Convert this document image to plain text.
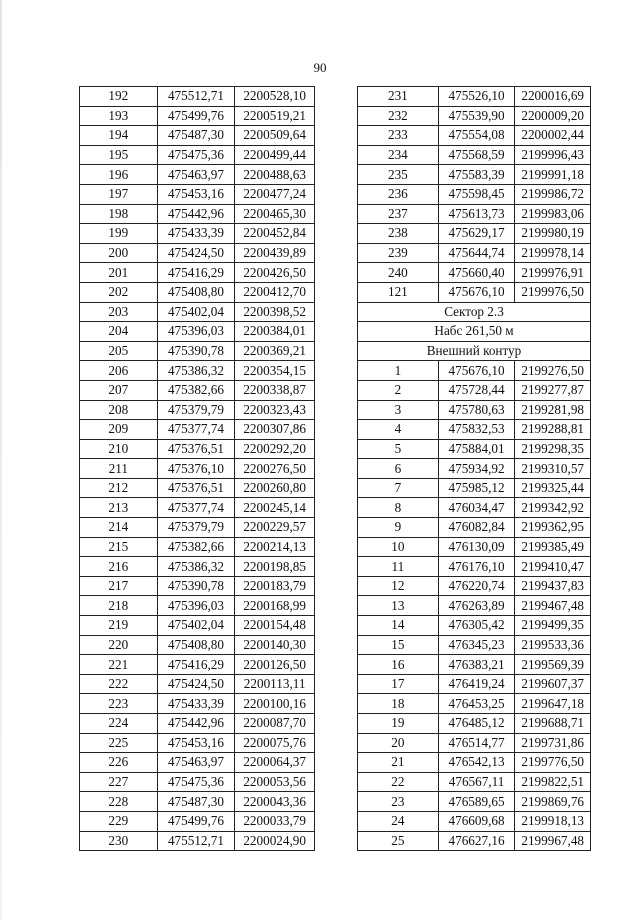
90
192	475512,71	2200528,10
193	475499,76	2200519,21
194	475487,30	2200509,64
195	475475,36	2200499,44
196	475463,97	2200488,63
197	475453,16	2200477,24
198	475442,96	2200465,30
199	475433,39	2200452,84
200	475424,50	2200439,89
201	475416,29	2200426,50
202	475408,80	2200412,70
203	475402,04	2200398,52
204	475396,03	2200384,01
205	475390,78	2200369,21
206	475386,32	2200354,15
207	475382,66	2200338,87
208	475379,79	2200323,43
209	475377,74	2200307,86
210	475376,51	2200292,20
211	475376,10	2200276,50
212	475376,51	2200260,80
213	475377,74	2200245,14
214	475379,79	2200229,57
215	475382,66	2200214,13
216	475386,32	2200198,85
217	475390,78	2200183,79
218	475396,03	2200168,99
219	475402,04	2200154,48
220	475408,80	2200140,30
221	475416,29	2200126,50
222	475424,50	2200113,11
223	475433,39	2200100,16
224	475442,96	2200087,70
225	475453,16	2200075,76
226	475463,97	2200064,37
227	475475,36	2200053,56
228	475487,30	2200043,36
229	475499,76	2200033,79
230	475512,71	2200024,90
231	475526,10	2200016,69
232	475539,90	2200009,20
233	475554,08	2200002,44
234	475568,59	2199996,43
235	475583,39	2199991,18
236	475598,45	2199986,72
237	475613,73	2199983,06
238	475629,17	2199980,19
239	475644,74	2199978,14
240	475660,40	2199976,91
121	475676,10	2199976,50
Сектор 2.3		
Набс 261,50 м		
Внешний контур		
1	475676,10	2199276,50
2	475728,44	2199277,87
3	475780,63	2199281,98
4	475832,53	2199288,81
5	475884,01	2199298,35
6	475934,92	2199310,57
7	475985,12	2199325,44
8	476034,47	2199342,92
9	476082,84	2199362,95
10	476130,09	2199385,49
11	476176,10	2199410,47
12	476220,74	2199437,83
13	476263,89	2199467,48
14	476305,42	2199499,35
15	476345,23	2199533,36
16	476383,21	2199569,39
17	476419,24	2199607,37
18	476453,25	2199647,18
19	476485,12	2199688,71
20	476514,77	2199731,86
21	476542,13	2199776,50
22	476567,11	2199822,51
23	476589,65	2199869,76
24	476609,68	2199918,13
25	476627,16	2199967,48
